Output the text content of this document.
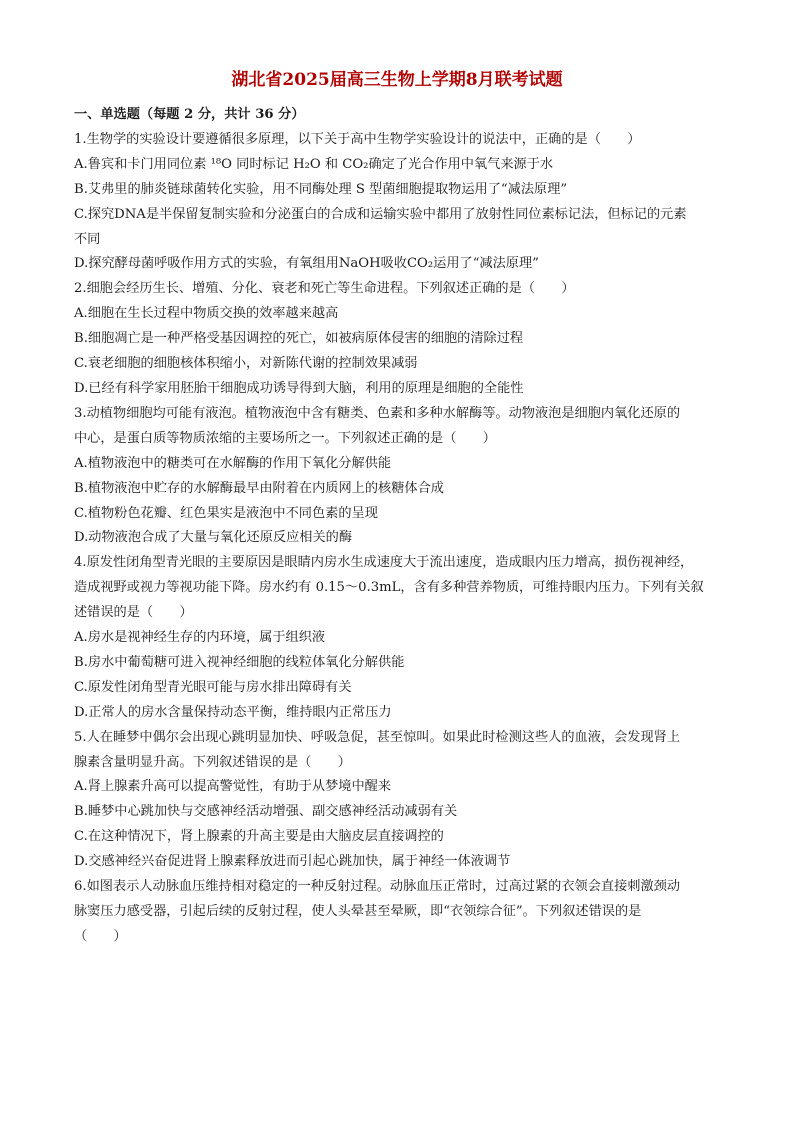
湖北省2025届高三生物上学期8月联考试题
一、单选题（每题 2 分，共计 36 分）
1.生物学的实验设计要遵循很多原理，以下关于高中生物学实验设计的说法中，正确的是（　　）
A.鲁宾和卡门用同位素 ¹⁸O 同时标记 H₂O 和 CO₂确定了光合作用中氧气来源于水
B.艾弗里的肺炎链球菌转化实验，用不同酶处理 S 型菌细胞提取物运用了“减法原理”
C.探究DNA是半保留复制实验和分泌蛋白的合成和运输实验中都用了放射性同位素标记法，但标记的元素
不同
D.探究酵母菌呼吸作用方式的实验，有氧组用NaOH吸收CO₂运用了“减法原理”
2.细胞会经历生长、增殖、分化、衰老和死亡等生命进程。下列叙述正确的是（　　）
A.细胞在生长过程中物质交换的效率越来越高
B.细胞凋亡是一种严格受基因调控的死亡，如被病原体侵害的细胞的清除过程
C.衰老细胞的细胞核体积缩小，对新陈代谢的控制效果减弱
D.已经有科学家用胚胎干细胞成功诱导得到大脑，利用的原理是细胞的全能性
3.动植物细胞均可能有液泡。植物液泡中含有糖类、色素和多种水解酶等。动物液泡是细胞内氧化还原的
中心，是蛋白质等物质浓缩的主要场所之一。下列叙述正确的是（　　）
A.植物液泡中的糖类可在水解酶的作用下氧化分解供能
B.植物液泡中贮存的水解酶最早由附着在内质网上的核糖体合成
C.植物粉色花瓣、红色果实是液泡中不同色素的呈现
D.动物液泡合成了大量与氧化还原反应相关的酶
4.原发性闭角型青光眼的主要原因是眼睛内房水生成速度大于流出速度，造成眼内压力增高，损伤视神经，
造成视野或视力等视功能下降。房水约有 0.15～0.3mL，含有多种营养物质，可维持眼内压力。下列有关叙
述错误的是（　　）
A.房水是视神经生存的内环境，属于组织液
B.房水中葡萄糖可进入视神经细胞的线粒体氧化分解供能
C.原发性闭角型青光眼可能与房水排出障碍有关
D.正常人的房水含量保持动态平衡，维持眼内正常压力
5.人在睡梦中偶尔会出现心跳明显加快、呼吸急促，甚至惊叫。如果此时检测这些人的血液，会发现肾上
腺素含量明显升高。下列叙述错误的是（　　）
A.肾上腺素升高可以提高警觉性，有助于从梦境中醒来
B.睡梦中心跳加快与交感神经活动增强、副交感神经活动减弱有关
C.在这种情况下，肾上腺素的升高主要是由大脑皮层直接调控的
D.交感神经兴奋促进肾上腺素释放进而引起心跳加快，属于神经一体液调节
6.如图表示人动脉血压维持相对稳定的一种反射过程。动脉血压正常时，过高过紧的衣领会直接刺激颈动
脉窦压力感受器，引起后续的反射过程，使人头晕甚至晕厥，即“衣领综合征”。下列叙述错误的是
（　　）
